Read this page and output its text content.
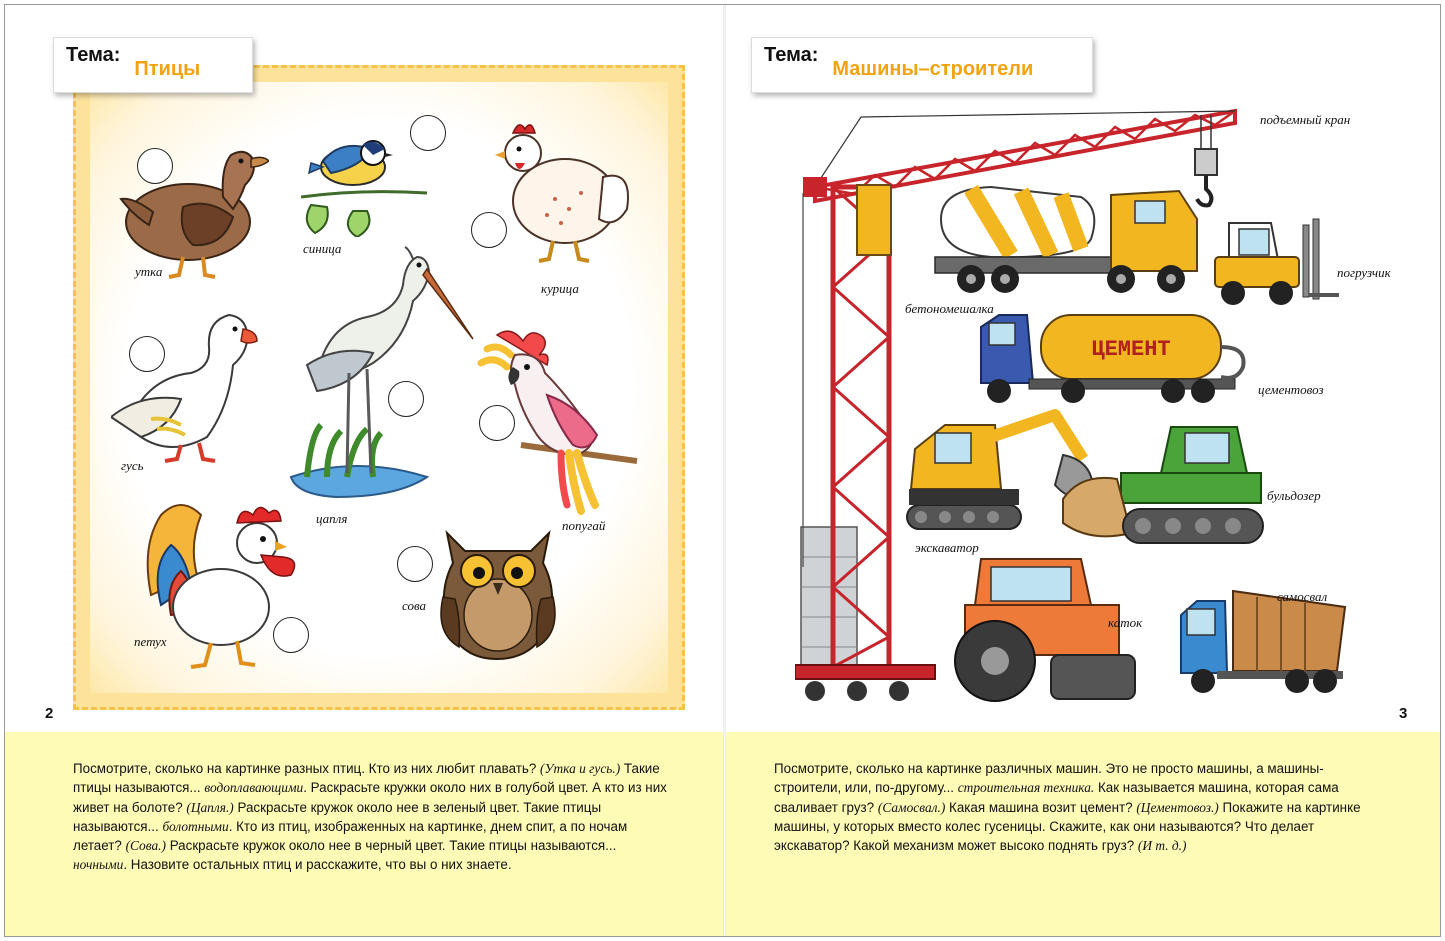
Тема:
Птицы
утка
синица
курица
гусь
цапля	попугай
петух
сова
2
Посмотрите, сколько на картинке разных птиц. Кто из них любит плавать? (Утка и гусь.) Такие птицы называются... водоплавающими. Раскрасьте кружки около них в голубой цвет. А кто из них живет на болоте? (Цапля.) Раскрасьте кружок около нее в зеленый цвет. Такие птицы называются... болотными. Кто из птиц, изображенных на картинке, днем спит, а по ночам летает? (Сова.) Раскрасьте кружок около нее в черный цвет. Такие птицы называются... ночными. Назовите остальных птиц и расскажите, что вы о них знаете.
Тема:
Машины–строители
подъемный кран
бетономешалка
погрузчик
ЦЕМЕНТ
цементовоз
экскаватор
бульдозер
каток
самосвал
3
Посмотрите, сколько на картинке различных машин. Это не просто машины, а машины-строители, или, по-другому... строительная техника. Как называется машина, которая сама сваливает груз? (Самосвал.) Какая машина возит цемент? (Цементовоз.) Покажите на картинке машины, у которых вместо колес гусеницы. Скажите, как они называются? Что делает экскаватор? Какой механизм может высоко поднять груз? (И т. д.)
